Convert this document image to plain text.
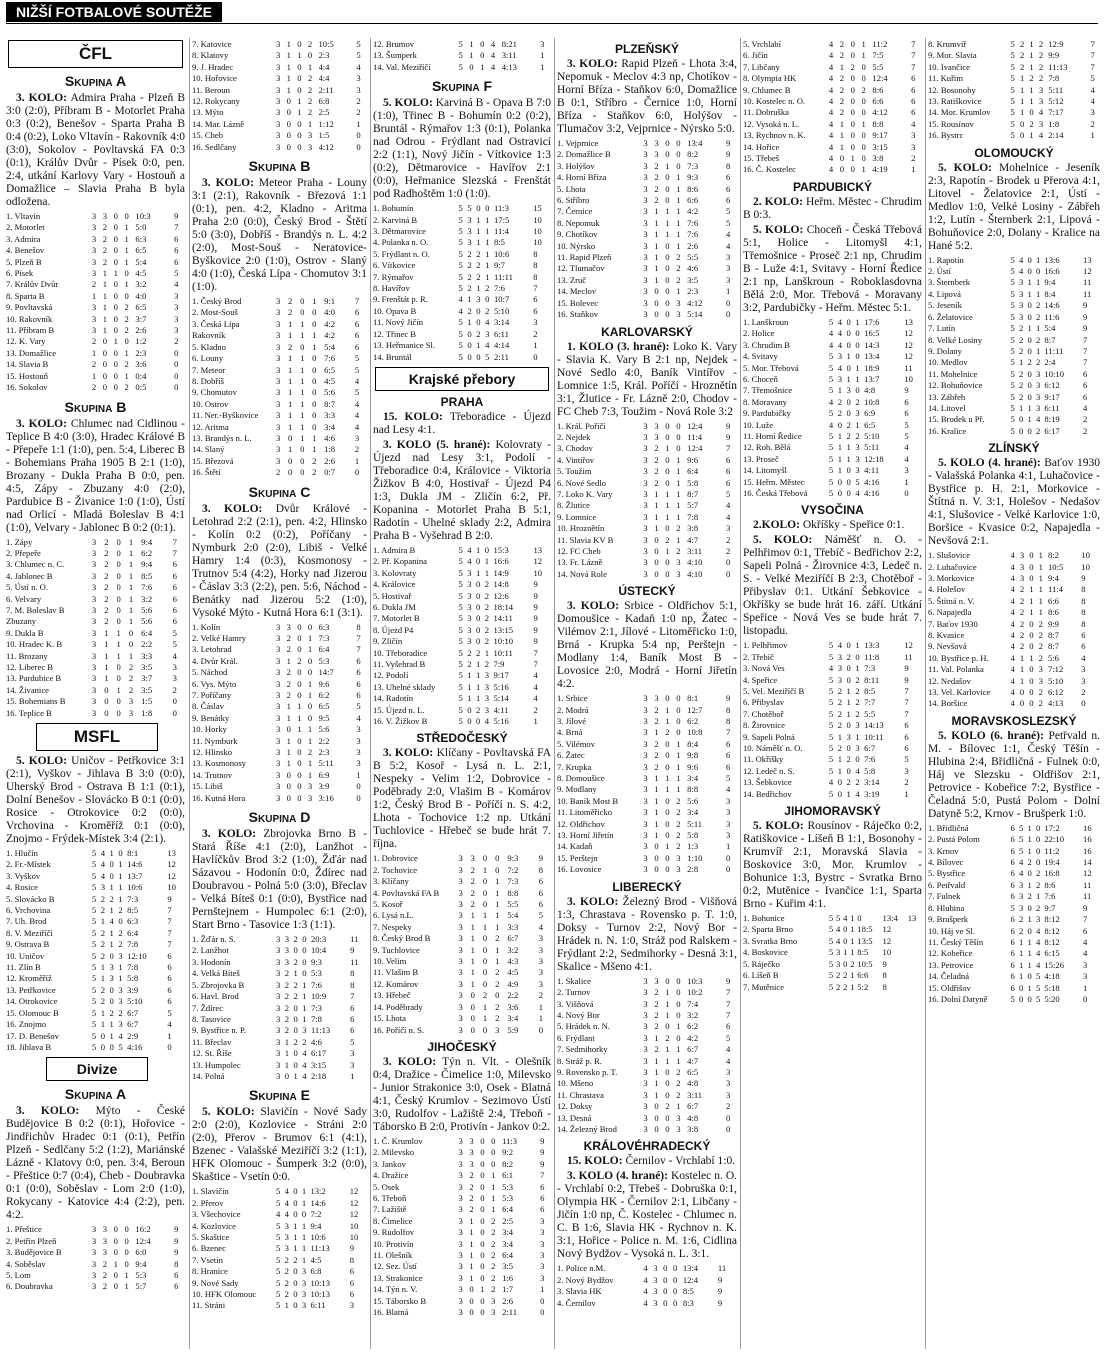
NIŽŠÍ FOTBALOVÉ SOUTĚŽE
ČFL
Skupina A
3. KOLO: Admira Praha - Plzeň B 3:0 (2:0), Příbram B - Motorlet Praha 0:3 (0:2), Benešov - Sparta Praha B 0:4 (0:2), Loko Vltavín - Rakovník 4:0 (3:0), Sokolov - Povltavská FA 0:3 (0:1), Králův Dvůr - Písek 0:0, pen. 2:4, utkání Karlovy Vary - Hostouň a Domažlice – Slavia Praha B byla odložena.
1. Vltavín	3	3	0	0	10:3	9
2. Motorlet	3	2	0	1	5:0	7
3. Admira	3	2	0	1	6:3	6
4. Benešov	3	2	0	1	6:5	6
5. Plzeň B	3	2	0	1	5:4	6
6. Písek	3	1	1	0	4:5	5
7. Králův Dvůr	2	1	0	1	3:2	4
8. Sparta B	1	1	0	0	4:0	3
9. Povltavská	3	1	0	2	6:5	3
10. Rakovník	3	1	0	2	3:7	3
11. Příbram B	3	1	0	2	2:6	3
12. K. Vary	2	0	1	0	1:2	2
13. Domažlice	1	0	0	1	2:3	0
14. Slavia B	2	0	0	2	3:6	0
15. Hostouň	1	0	0	1	0:4	0
16. Sokolov	2	0	0	2	0:5	0
Skupina B
3. KOLO: Chlumec nad Cidlinou - Teplice B 4:0 (3:0), Hradec Králové B - Přepeře 1:1 (1:0), pen. 5:4, Liberec B - Bohemians Praha 1905 B 2:1 (1:0), Brozany - Dukla Praha B 0:0, pen. 4:5, Zápy - Zbuzany 4:0 (2:0), Pardubice B - Živanice 1:0 (1:0), Ústí nad Orlicí - Mladá Boleslav B 4:1 (1:0), Velvary - Jablonec B 0:2 (0:1).
1. Zápy	3	2	0	1	9:4	7
2. Přepeře	3	2	0	1	6:2	7
3. Chlumec n. C.	3	2	0	1	9:4	6
4. Jablonec B	3	2	0	1	8:5	6
5. Ústí n. O.	3	2	0	1	7:6	6
6. Velvary	3	2	0	1	3:2	6
7. M. Boleslav B	3	2	0	1	5:6	6
Zbuzany	3	2	0	1	5:6	6
9. Dukla B	3	1	1	0	6:4	5
10. Hradec K. B	3	1	1	0	2:2	5
11. Brozany	3	1	1	1	3:3	4
12. Liberec B	3	1	0	2	3:5	3
13. Pardubice B	3	1	0	2	3:7	3
14. Živanice	3	0	1	2	3:5	2
15. Bohemians B	3	0	0	3	1:5	0
16. Teplice B	3	0	0	3	1:8	0
MSFL
5. KOLO: Uničov - Petřkovice 3:1 (2:1), Vyškov - Jihlava B 3:0 (0:0), Uherský Brod - Ostrava B 1:1 (0:1), Dolní Benešov - Slovácko B 0:1 (0:0), Rosice - Otrokovice 0:2 (0:0), Vrchovina - Kroměříž 0:1 (0:0), Znojmo - Frýdek-Místek 3:4 (2:1).
1. Hlučín	5	4	1	0	8:1	13
2. Fr.-Místek	5	4	0	1	14:6	12
3. Vyškov	5	4	0	1	13:7	12
4. Rosice	5	3	1	1	10:6	10
5. Slovácko B	5	2	2	1	7:3	9
6. Vrchovina	5	2	1	2	8:5	7
7. Uh. Brod	5	1	4	0	6:3	7
8. V. Meziříčí	5	2	1	2	6:4	7
9. Ostrava B	5	2	1	2	7:8	7
10. Uničov	5	2	0	3	12:10	6
11. Zlín B	5	1	3	1	7:8	6
12. Kroměříž	5	1	3	1	5:8	6
13. Petřkovice	5	2	0	3	3:9	6
14. Otrokovice	5	2	0	3	5:10	6
15. Olomouc B	5	1	2	2	6:7	5
16. Znojmo	5	1	1	3	6:7	4
17. D. Benešov	5	0	1	4	2:9	1
18. Jihlava B	5	0	0	5	4:16	0
Divize
Skupina A
3. KOLO: Mýto - České Budějovice B 0:2 (0:1), Hořovice - Jindřichův Hradec 0:1 (0:1), Petřín Plzeň - Sedlčany 5:2 (1:2), Mariánské Lázně - Klatovy 0:0, pen. 3:4, Beroun - Přeštice 0:7 (0:4), Cheb - Doubravka 0:1 (0:0), Soběslav - Lom 2:0 (1:0), Rokycany - Katovice 4:4 (2:2), pen. 4:2.
1. Přeštice	3	3	0	0	16:2	9
2. Petřín Plzeň	3	3	0	0	12:4	9
3. Budějovice B	3	3	0	0	6:0	9
4. Soběslav	3	2	1	0	9:4	8
5. Lom	3	2	0	1	5:3	6
6. Doubravka	3	2	0	1	5:7	6
7. Katovice	3	1	0	2	10:5	5
8. Klatovy	3	1	1	0	2:3	5
9. J. Hradec	3	1	0	1	4:4	4
10. Hořovice	3	1	0	2	4:4	3
11. Beroun	3	1	0	2	2:11	3
12. Rokycany	3	0	1	2	6:8	2
13. Mýto	3	0	1	2	2:5	2
14. Mar. Lázně	3	0	0	1	1:12	1
15. Cheb	3	0	0	3	1:5	0
16. Sedlčany	3	0	0	3	4:12	0
Skupina B
3. KOLO: Meteor Praha - Louny 3:1 (2:1), Rakovník - Březová 1:1 (0:1), pen. 4:2, Kladno - Aritma Praha 2:0 (0:0), Český Brod - Štětí 5:0 (3:0), Dobříš - Brandýs n. L. 4:2 (2:0), Most-Souš - Neratovice-Byškovice 2:0 (1:0), Ostrov - Slaný 4:0 (1:0), Česká Lípa - Chomutov 3:1 (1:0).
1. Český Brod	3	2	0	1	9:1	7
2. Most-Souš	3	2	0	0	4:0	6
3. Česká Lípa	3	1	1	0	4:2	6
Rakovník	3	1	1	1	4:2	6
5. Kladno	3	2	0	1	5:4	6
6. Louny	3	1	1	0	7:6	5
7. Meteor	3	1	1	0	6:5	5
8. Dobříš	3	1	1	0	4:5	4
9. Chomutov	3	1	1	0	5:6	5
10. Ostrov	3	1	1	0	8:7	4
11. Ner.-Byškovice	3	1	1	0	3:3	4
12. Aritma	3	1	1	0	3:4	4
13. Brandýs n. L.	3	0	1	1	4:6	3
14. Slaný	3	1	0	1	1:8	2
15. Březová	3	0	0	2	2:6	1
16. Štětí	2	0	0	2	0:7	0
Skupina C
3. KOLO: Dvůr Králové - Letohrad 2:2 (2:1), pen. 4:2, Hlinsko - Kolín 0:2 (0:2), Poříčany - Nymburk 2:0 (2:0), Libiš - Velké Hamry 1:4 (0:3), Kosmonosy - Trutnov 5:4 (4:2), Horky nad Jizerou - Čáslav 3:3 (2:2), pen. 5:6, Náchod - Benátky nad Jizerou 5:2 (1:0), Vysoké Mýto - Kutná Hora 6:1 (3:1).
1. Kolín	3	3	0	0	6:3	8
2. Velké Hamry	3	2	0	1	7:3	7
3. Letohrad	3	2	0	1	6:4	7
4. Dvůr Král.	3	1	2	0	5:3	6
5. Náchod	3	2	0	0	14:7	6
6. Vys. Mýto	3	2	0	1	9:6	6
7. Poříčany	3	2	0	1	6:2	6
8. Čáslav	3	1	1	0	6:5	5
9. Benátky	3	1	1	0	9:5	4
10. Horky	3	0	1	1	5:6	3
11. Nymburk	3	1	0	1	2:2	3
12. Hlinsko	3	1	0	2	2:3	3
13. Kosmonosy	3	1	0	1	5:11	3
14. Trutnov	3	0	0	1	6:9	1
15. Libiš	3	0	0	3	3:9	0
16. Kutná Hora	3	0	0	3	3:16	0
Skupina D
3. KOLO: Zbrojovka Brno B - Stará Říše 4:1 (2:0), Lanžhot - Havlíčkův Brod 3:2 (1:0), Žďár nad Sázavou - Hodonín 0:0, Ždírec nad Doubravou - Polná 5:0 (3:0), Břeclav - Velká Bíteš 0:1 (0:0), Bystřice nad Pernštejnem - Humpolec 6:1 (2:0), Start Brno - Tasovice 1:3 (1:1).
1. Žďár n. S.	3	3	2	0	20:3	11
2. Lanžhot	3	3	0	0	10:4	9
3. Hodonín	3	3	2	0	9:3	11
4. Velká Bíteš	3	2	1	0	5:3	8
5. Zbrojovka B	3	2	2	1	7:6	8
6. Havl. Brod	3	2	2	1	10:9	7
7. Ždírec	3	2	0	1	7:3	6
8. Tasovice	3	2	0	1	7:8	6
9. Bystřice n. P.	3	2	0	3	11:13	6
11. Břeclav	3	1	2	2	4:6	5
12. St. Říše	3	1	0	4	6:17	3
13. Humpolec	3	1	0	4	3:15	3
14. Polná	3	0	1	4	2:18	1
Skupina E
5. KOLO: Slavičín - Nové Sady 2:0 (2:0), Kozlovice - Stráni 2:0 (2:0), Přerov - Brumov 6:1 (4:1), Bzenec - Valašské Meziříčí 3:2 (1:1), HFK Olomouc - Šumperk 3:2 (0:0), Skaštice - Vsetín 0:0.
1. Slavičín	5	4	0	1	13:2	12
2. Přerov	5	4	0	1	14:6	12
3. Všechovice	4	4	0	0	7:2	12
4. Kozlovice	5	3	1	1	9:4	10
5. Skaštice	5	3	1	1	10:6	10
6. Bzenec	5	3	1	1	11:13	9
7. Vsetín	5	2	2	1	4:5	8
8. Hranice	5	2	0	3	6:8	6
9. Nové Sady	5	2	0	3	10:13	6
10. HFK Olomouc	5	2	0	3	10:13	6
11. Stráni	5	1	0	3	6:11	3
12. Brumov	5	1	0	4	8:21	3
13. Šumperk	5	1	0	4	3:11	1
14. Val. Meziříčí	5	0	1	4	4:13	1
Skupina F
5. KOLO: Karviná B - Opava B 7:0 (1:0), Třinec B - Bohumín 0:2 (0:2), Bruntál - Rýmařov 1:3 (0:1), Polanka nad Odrou - Frýdlant nad Ostravicí 2:2 (1:1), Nový Jičín - Vítkovice 1:3 (0:2), Dětmarovice - Havířov 2:1 (0:0), Heřmanice Slezská - Frenštát pod Radhoštěm 1:0 (1:0).
1. Bohumín	5	5	0	0	11:3	15
2. Karviná B	5	3	1	1	17:5	10
3. Dětmarovice	5	3	1	1	11:4	10
4. Polanka n. O.	5	3	1	1	8:5	10
5. Frýdlant n. O.	5	2	2	1	10:6	8
6. Vítkovice	5	2	2	1	9:7	8
7. Rýmařov	5	2	2	1	11:11	8
8. Havířov	5	2	1	2	7:6	7
9. Frenštát p. R.	4	1	3	0	10:7	6
10. Opava B	4	2	0	2	5:10	6
11. Nový Jičín	5	1	0	4	3:14	3
12. Třinec B	5	0	2	3	6:11	2
13. Heřmanice Sl.	5	0	1	4	4:14	1
14. Bruntál	5	0	0	5	2:11	0
Krajské přebory
PRAHA
15. KOLO: Třeboradice - Újezd nad Lesy 4:1.
3. KOLO (5. hrané): Kolovraty - Újezd nad Lesy 3:1, Podolí - Třeboradice 0:4, Královice - Viktoria Žižkov B 4:0, Hostivař - Újezd P4 1:3, Dukla JM - Zličín 6:2, Př. Kopanina - Motorlet Praha B 5:1, Radotín - Uhelné sklady 2:2, Admira Praha B - Vyšehrad B 2:0.
1. Admira B	5	4	1	0	15:3	13
2. Př. Kopanina	5	4	0	1	16:6	12
3. Kolovraty	5	3	1	1	14:9	10
4. Královice	5	3	0	2	14:8	9
5. Hostivař	5	3	0	2	12:6	9
6. Dukla JM	5	3	0	2	18:14	9
7. Motorlet B	5	3	0	2	14:11	9
8. Újezd P4	5	3	0	2	13:15	9
9. Zličín	5	3	0	2	10:10	9
10. Třeboradice	5	2	2	1	10:11	7
11. Vyšehrad B	5	2	1	2	7:9	7
12. Podolí	5	1	1	3	9:17	4
13. Uhelné sklady	5	1	1	3	5:16	4
14. Radotín	5	1	1	3	5:14	4
15. Újezd n. L.	5	0	2	3	4:11	2
16. V. Žižkov B	5	0	0	4	5:16	1
STŘEDOČESKÝ
3. KOLO: Klíčany - Povltavská FA B 5:2, Kosoř - Lysá n. L. 2:1, Nespeky - Velim 1:2, Dobrovice - Poděbrady 2:0, Vlašim B - Komárov 1:2, Český Brod B - Poříčí n. S. 4:2, Lhota - Tochovice 1:2 np. Utkání Tuchlovice - Hřebeč se bude hrát 7. října.
1. Dobrovice	3	3	0	0	9:3	9
2. Tochovice	3	2	1	0	7:2	8
3. Klíčany	3	2	0	1	7:3	6
4. Povltavská FA B	3	2	0	1	8:8	6
5. Kosoř	3	2	0	1	5:5	6
6. Lysá n.L.	3	1	1	1	5:4	5
7. Nespeky	3	1	1	1	3:3	4
8. Český Brod B	3	1	0	2	6:7	3
9. Tuchlovice	3	1	0	1	3:2	3
10. Velim	3	1	0	1	4:3	3
11. Vlašim B	3	1	0	2	4:5	3
12. Komárov	3	1	0	2	4:9	3
13. Hřebeč	3	0	2	0	2:2	2
14. Poděbrady	3	0	1	2	3:6	1
15. Lhota	3	0	1	2	3:4	1
16. Poříčí n. S.	3	0	0	3	5:9	0
JIHOČESKÝ
3. KOLO: Týn n. Vlt. - Olešník 0:4, Dražice - Čimelice 1:0, Milevsko - Junior Strakonice 3:0, Osek - Blatná 4:1, Český Krumlov - Sezimovo Ústí 3:0, Rudolfov - Lažiště 2:4, Třeboň - Táborsko B 2:0, Protivín - Jankov 0:2.
1. Č. Krumlov	3	3	0	0	11:3	9
2. Milevsko	3	3	0	0	9:2	9
3. Jankov	3	3	0	0	8:2	9
4. Dražice	3	2	0	1	6:1	7
5. Osek	3	2	0	1	5:3	6
6. Třeboň	3	2	0	1	5:3	6
7. Lažiště	3	2	0	1	6:4	6
8. Čimelice	3	1	0	2	2:5	3
9. Rudolfov	3	1	0	2	3:4	3
10. Protivín	3	1	0	2	3:4	3
11. Olešník	3	1	0	2	6:4	3
12. Sez. Ústí	3	1	0	2	3:5	3
13. Strakonice	3	1	0	2	1:6	3
14. Týn n. V.	3	0	1	2	1:7	1
15. Táborsko B	3	0	0	3	2:6	0
16. Blatná	3	0	0	3	2:11	0
PLZEŇSKÝ
3. KOLO: Rapid Plzeň - Lhota 3:4, Nepomuk - Meclov 4:3 np, Chotíkov - Horní Bříza - Staňkov 6:0, Domažlice B 0:1, Stříbro - Černice 1:0, Horní Bříza - Staňkov 6:0, Holýšov - Tlumačov 3:2, Vejprnice - Nýrsko 5:0.
1. Vejprnice	3	3	0	0	13:4	9
2. Domažlice B	3	3	0	0	8:2	9
3. Holýšov	3	2	1	0	7:3	8
4. Horní Bříza	3	2	0	1	9:3	6
5. Lhota	3	2	0	1	8:6	6
6. Stříbro	3	2	0	1	6:6	6
7. Černice	3	1	1	1	4:2	5
8. Nepomuk	3	1	1	1	7:6	5
9. Chotíkov	3	1	1	1	7:6	4
10. Nýrsko	3	1	0	1	2:6	4
11. Rapid Plzeň	3	1	0	2	5:5	3
12. Tlumačov	3	1	0	2	4:6	3
13. Zruč	3	1	0	2	3:5	3
14. Meclov	3	0	0	1	2:3	1
15. Bolevec	3	0	0	3	4:12	0
16. Staňkov	3	0	0	3	5:14	0
KARLOVARSKÝ
1. KOLO (3. hrané): Loko K. Vary - Slavia K. Vary B 2:1 np, Nejdek - Nové Sedlo 4:0, Baník Vintířov - Lomnice 1:5, Král. Poříčí - Hroznětín 3:1, Žlutice - Fr. Lázně 2:0, Chodov - FC Cheb 7:3, Toužim - Nová Role 3:2
1. Král. Poříčí	3	3	0	0	12:4	9
2. Nejdek	3	3	0	0	11:4	9
3. Chodov	3	2	1	0	12:4	7
4. Vintířov	3	2	0	1	9:6	6
5. Toužim	3	2	0	1	6:4	6
6. Nové Sedlo	3	2	0	1	5:8	6
7. Loko K. Vary	3	1	1	1	8:7	5
8. Žlutice	3	1	1	1	5:7	4
9. Lomnice	3	1	1	1	7:8	4
10. Hroznětín	3	1	0	2	3:8	3
11. Slavia KV B	3	0	2	1	4:7	2
12. FC Cheb	3	0	1	2	3:11	2
13. Fr. Lázně	3	0	0	3	4:10	0
14. Nová Role	3	0	0	3	4:10	0
ÚSTECKÝ
3. KOLO: Srbice - Oldřichov 5:1, Domoušice - Kadaň 1:0 np, Žatec - Vilémov 2:1, Jílové - Litoměřicko 1:0, Brná - Krupka 5:4 np, Perštejn - Modlany 1:4, Baník Most B - Lovosice 2:0, Modrá - Horní Jiřetín 4:2.
1. Srbice	3	3	0	0	8:1	9
2. Modrá	3	2	1	0	12:7	8
3. Jílové	3	2	1	0	6:2	8
4. Brná	3	1	2	0	10:8	7
5. Vilémov	3	2	0	1	8:4	6
6. Žatec	3	2	0	1	9:8	6
7. Krupka	3	2	0	1	9:6	6
8. Domoušice	3	1	1	1	3:4	5
9. Modlany	3	1	1	1	8:8	4
10. Baník Most B	3	1	0	2	5:6	3
11. Litoměřicko	3	1	0	2	3:4	3
12. Oldřichov	3	1	0	2	5:11	3
13. Horní Jiřetín	3	1	0	2	5:8	3
14. Kadaň	3	0	1	2	1:3	1
15. Perštejn	3	0	0	3	1:10	0
16. Lovosice	3	0	0	3	2:8	0
LIBERECKÝ
3. KOLO: Železný Brod - Višňová 1:3, Chrastava - Rovensko p. T. 1:0, Doksy - Turnov 2:2, Nový Bor - Hrádek n. N. 1:0, Stráž pod Ralskem - Frýdlant 2:2, Sedmihorky - Desná 3:1, Skalice - Mšeno 4:1.
1. Skalice	3	3	0	0	10:3	9
2. Turnov	3	2	1	0	10:2	7
3. Višňová	3	2	1	0	7:4	7
4. Nový Bor	3	2	1	0	3:2	7
5. Hrádek n. N.	3	2	0	1	6:2	6
6. Frýdlant	3	1	2	0	4:2	5
7. Sedmihorky	3	2	1	1	6:7	4
8. Stráž p. R.	3	1	1	1	4:7	4
9. Rovensko p. T.	3	1	0	2	6:5	3
10. Mšeno	3	1	0	2	4:8	3
11. Chrastava	3	1	0	2	3:11	3
12. Doksy	3	0	2	1	6:7	2
13. Desná	3	0	0	3	4:8	0
14. Železný Brod	3	0	0	3	3:8	0
KRÁLOVÉHRADECKÝ
15. KOLO: Černilov - Vrchlabí 1:0.
3. KOLO (4. hrané): Kostelec n. O. - Vrchlabí 0:2, Třebeš - Dobruška 0:1, Olympia HK - Černilov 2:1, Libčany - Jičín 1:0 np, Č. Kostelec - Chlumec n. C. B 1:6, Slavia HK - Rychnov n. K. 3:1, Hořice - Police n. M. 1:6, Cidlina Nový Bydžov - Vysoká n. L. 3:1.
1. Police n.M.	4	3	0	0	13:4	11
2. Nový Bydžov	4	3	0	0	12:4	9
3. Slavia HK	4	3	0	0	8:5	9
4. Černilov	4	3	0	0	8:3	9
5. Vrchlabí	4	2	0	1	11:2	7
6. Jičín	4	2	0	1	7:5	7
7. Libčany	4	1	2	0	5:5	7
8. Olympia HK	4	2	0	0	12:4	6
9. Chlumec B	4	2	0	2	8:6	6
10. Kostelec n. O.	4	2	0	0	6:6	6
11. Dobruška	4	2	0	0	4:12	6
12. Vysoká n. L.	4	1	0	1	8:8	4
13. Rychnov n. K.	4	1	0	0	9:17	3
14. Hořice	4	1	0	0	3:15	3
15. Třebeš	4	0	1	0	3:8	2
16. Č. Kostelec	4	0	0	1	4:19	1
PARDUBICKÝ
2. KOLO: Heřm. Městec - Chrudim B 0:3.
5. KOLO: Choceň - Česká Třebová 5:1, Holice - Litomyšl 4:1, Třemošnice - Proseč 2:1 np, Chrudim B - Luže 4:1, Svitavy - Horní Ředice 2:1 np, Lanškroun - Roboklasdovna Bělá 2:0, Mor. Třebová - Moravany 3:2, Pardubičky - Heřm. Městec 5:1.
1. Lanškroun	5	4	0	1	17:6	13
2. Holice	4	4	0	0	16:5	12
3. Chrudim B	4	4	0	0	14:3	12
4. Svitavy	5	3	1	0	13:4	12
5. Mor. Třebová	5	4	0	1	18:9	11
6. Choceň	5	3	1	1	13:7	10
7. Třemošnice	5	1	3	0	4:8	9
8. Moravany	4	2	0	2	10:8	6
9. Pardubičky	5	2	0	3	6:9	6
10. Luže	4	0	2	1	6:5	5
11. Horní Ředice	5	1	2	2	5:10	5
12. Roh. Bělá	5	1	1	3	5:11	4
13. Proseč	5	1	1	3	12:18	4
14. Litomyšl	5	1	0	3	4:11	3
15. Heřm. Městec	5	0	0	5	4:16	1
16. Česká Třebová	5	0	0	4	4:16	0
VYSOČINA
2.KOLO: Okříšky - Speřice 0:1.
5. KOLO: Náměšť n. O. - Pelhřimov 0:1, Třebíč - Bedřichov 2:2, Sapeli Polná - Žirovnice 4:3, Ledeč n. S. - Velké Meziříčí B 2:3, Chotěboř - Přibyslav 0:1. Utkání Šebkovice - Okříšky se bude hrát 16. září. Utkání Speřice - Nová Ves se bude hrát 7. listopadu.
1. Pelhřimov	5	4	0	1	13:3	12
2. Třebíč	5	3	2	0	11:8	11
3. Nová Ves	4	3	0	1	7:3	9
4. Speřice	5	3	0	2	8:11	9
5. Vel. Meziříčí B	5	2	1	2	8:5	7
6. Přibyslav	5	2	1	2	7:7	7
7. Chotěboř	5	2	1	2	5:5	7
8. Žirovnice	5	2	0	3	14:13	6
9. Sapeli Polná	5	1	3	1	10:11	6
10. Náměšť n. O.	5	2	0	3	6:7	6
11. Okříšky	5	1	2	0	7:6	5
12. Ledeč n. S.	5	1	0	4	5:8	3
13. Šebkovice	4	0	2	2	3:14	2
14. Bedřichov	5	0	1	4	3:19	1
JIHOMORAVSKÝ
5. KOLO: Rousínov - Ráječko 0:2, Ratiškovice - Líšeň B 1:1, Bosonohy - Krumvíř 2:1, Moravská Slavia - Boskovice 3:0, Mor. Krumlov - Bohunice 1:3, Bystrc - Svratka Brno 0:2, Mutěnice - Ivančice 1:1, Sparta Brno - Kuřim 4:1.
1. Bohunice	5	5	4	1	0	13:4	13
2. Sparta Brno	5	4	0	1	18:5	12	
3. Svratka Brno	5	4	0	1	13:5	12	
4. Boskovice	5	3	1	1	8:5	10	
5. Ráječko	5	3	0	2	10:5	9	
6. Líšeň B	5	2	2	1	6:6	8	
7. Mutěnice	5	2	2	1	5:2	8	
8. Krumvíř	5	2	1	2	12:9	7
9. Mor. Slavia	5	2	1	2	9:9	7
10. Ivančice	5	2	1	2	11:13	7
11. Kuřim	5	1	2	2	7:8	5
12. Bosonohy	5	1	1	3	5:11	4
13. Ratiškovice	5	1	1	3	5:12	4
14. Mor. Krumlov	5	1	0	4	7:17	3
15. Rousínov	5	0	2	3	1:8	2
16. Bystrc	5	0	1	4	2:14	1
OLOMOUCKÝ
5. KOLO: Mohelnice - Jeseník 2:3, Rapotín - Brodek u Přerova 4:1, Litovel - Želatovice 2:1, Ústí - Medlov 1:0, Velké Losiny - Zábřeh 1:2, Lutín - Šternberk 2:1, Lipová - Bohuňovice 2:0, Dolany - Kralice na Hané 5:2.
1. Rapotín	5	4	0	1	13:6	13
2. Ústí	5	4	0	0	16:6	12
3. Šternberk	5	3	1	1	9:4	11
4. Lipová	5	3	1	1	8:4	11
5. Jeseník	5	3	0	2	14:6	9
6. Želatovice	5	3	0	2	11:6	9
7. Lutín	5	2	1	1	5:4	9
8. Velké Losiny	5	2	0	2	8:7	7
9. Dolany	5	2	0	1	11:11	7
10. Medlov	5	1	2	2	2:4	7
11. Mohelnice	5	2	0	3	10:10	6
12. Bohuňovice	5	2	0	3	6:12	6
13. Zábřeh	5	2	0	3	9:17	6
14. Litovel	5	1	1	3	6:11	4
15. Brodek u Př.	5	0	1	4	8:19	2
16. Kralice	5	0	0	2	6:17	2
ZLÍNSKÝ
5. KOLO (4. hrané): Baťov 1930 - Valašská Polanka 4:1, Luhačovice - Bystřice p. H. 2:1, Morkovice - Štítná n. V. 3:1, Holešov - Nedašov 4:1, Slušovice - Velké Karlovice 1:0, Boršice - Kvasice 0:2, Napajedla - Nevšová 2:1.
1. Slušovice	4	3	0	1	8:2	10
2. Luhačovice	4	3	0	1	10:5	10
3. Morkovice	4	3	0	1	9:4	9
4. Holešov	4	2	1	1	11:4	8
5. Štítná n. V.	4	2	1	1	6:6	8
6. Napajedla	4	2	1	1	8:6	8
7. Baťov 1930	4	2	0	2	9:9	8
8. Kvasice	4	2	0	2	8:7	6
9. Nevšová	4	2	0	2	8:7	6
10. Bystřice p. H.	4	1	1	2	5:6	4
11. Val. Polanka	4	1	0	3	7:12	3
12. Nedašov	4	1	0	3	5:10	3
13. Vel. Karlovice	4	0	0	2	6:12	2
14. Boršice	4	0	0	2	4:13	0
MORAVSKOSLEZSKÝ
5. KOLO (6. hrané): Petřvald n. M. - Bílovec 1:1, Český Těšín - Hlubina 2:4, Břidličná - Fulnek 0:0, Háj ve Slezsku - Oldřišov 2:1, Petrovice - Kobeřice 7:2, Bystřice - Čeladná 5:0, Pustá Polom - Dolní Datyně 5:2, Krnov - Brušperk 1:0.
1. Břidličná	6	5	1	0	17:2	16
2. Pustá Polom	6	5	1	0	22:10	16
3. Krnov	6	5	1	0	11:2	16
4. Bílovec	6	4	2	0	19:4	14
5. Bystřice	6	4	0	2	16:8	12
6. Petřvald	6	3	1	2	8:6	11
7. Fulnek	6	3	2	1	7:6	11
8. Hlubina	5	3	0	2	9:7	9
9. Brušperk	6	2	1	3	8:12	7
10. Háj ve Sl.	6	2	0	4	8:12	6
11. Český Těšín	6	1	1	4	8:12	4
12. Kobeřice	6	1	1	4	6:15	4
13. Petrovice	6	1	1	4	15:26	3
14. Čeladná	6	1	0	5	4:18	3
15. Oldřišov	6	0	1	5	5:18	1
16. Dolní Datyně	5	0	0	5	5:20	0
